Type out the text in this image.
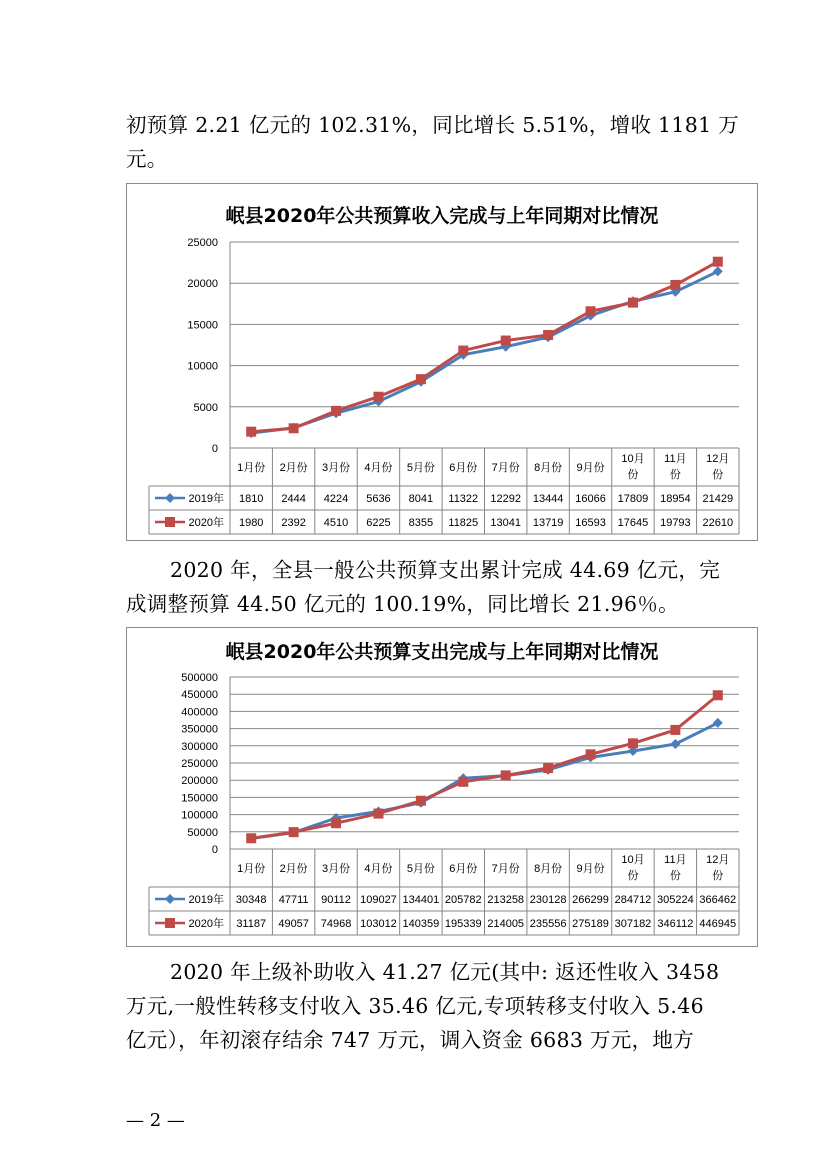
初预算 2.21 亿元的 102.31%，同比增长 5.51%，增收 1181 万
元。
岷县2020年公共预算收入完成与上年同期对比情况
0
5000
10000
15000
20000
25000
1月份 2月份 3月份 4月份 5月份 6月份 7月份 8月份 9月份
10月
份
11月
份
12月
份
2019年 1810 2444 4224 5636 8041 11322 12292 13444 16066 17809 18954 21429
2020年 1980 2392 4510 6225 8355 11825 13041 13719 16593 17645 19793 22610
2020 年，全县一般公共预算支出累计完成 44.69 亿元，完
成调整预算 44.50 亿元的 100.19%，同比增长 21.96％。
岷县2020年公共预算支出完成与上年同期对比情况
0
50000
100000
150000
200000
250000
300000
350000
400000
450000
500000
1月份 2月份 3月份 4月份 5月份 6月份 7月份 8月份 9月份
10月
份
11月
份
12月
份
2019年 30348 47711 90112 109027 134401 205782 213258 230128 266299 284712 305224 366462
2020年 31187 49057 74968 103012 140359 195339 214005 235556 275189 307182 346112 446945
2020 年上级补助收入 41.27 亿元(其中: 返还性收入 3458
万元,一般性转移支付收入 35.46 亿元,专项转移支付收入 5.46
亿元），年初滚存结余 747 万元，调入资金 6683 万元，地方
— 2 —
